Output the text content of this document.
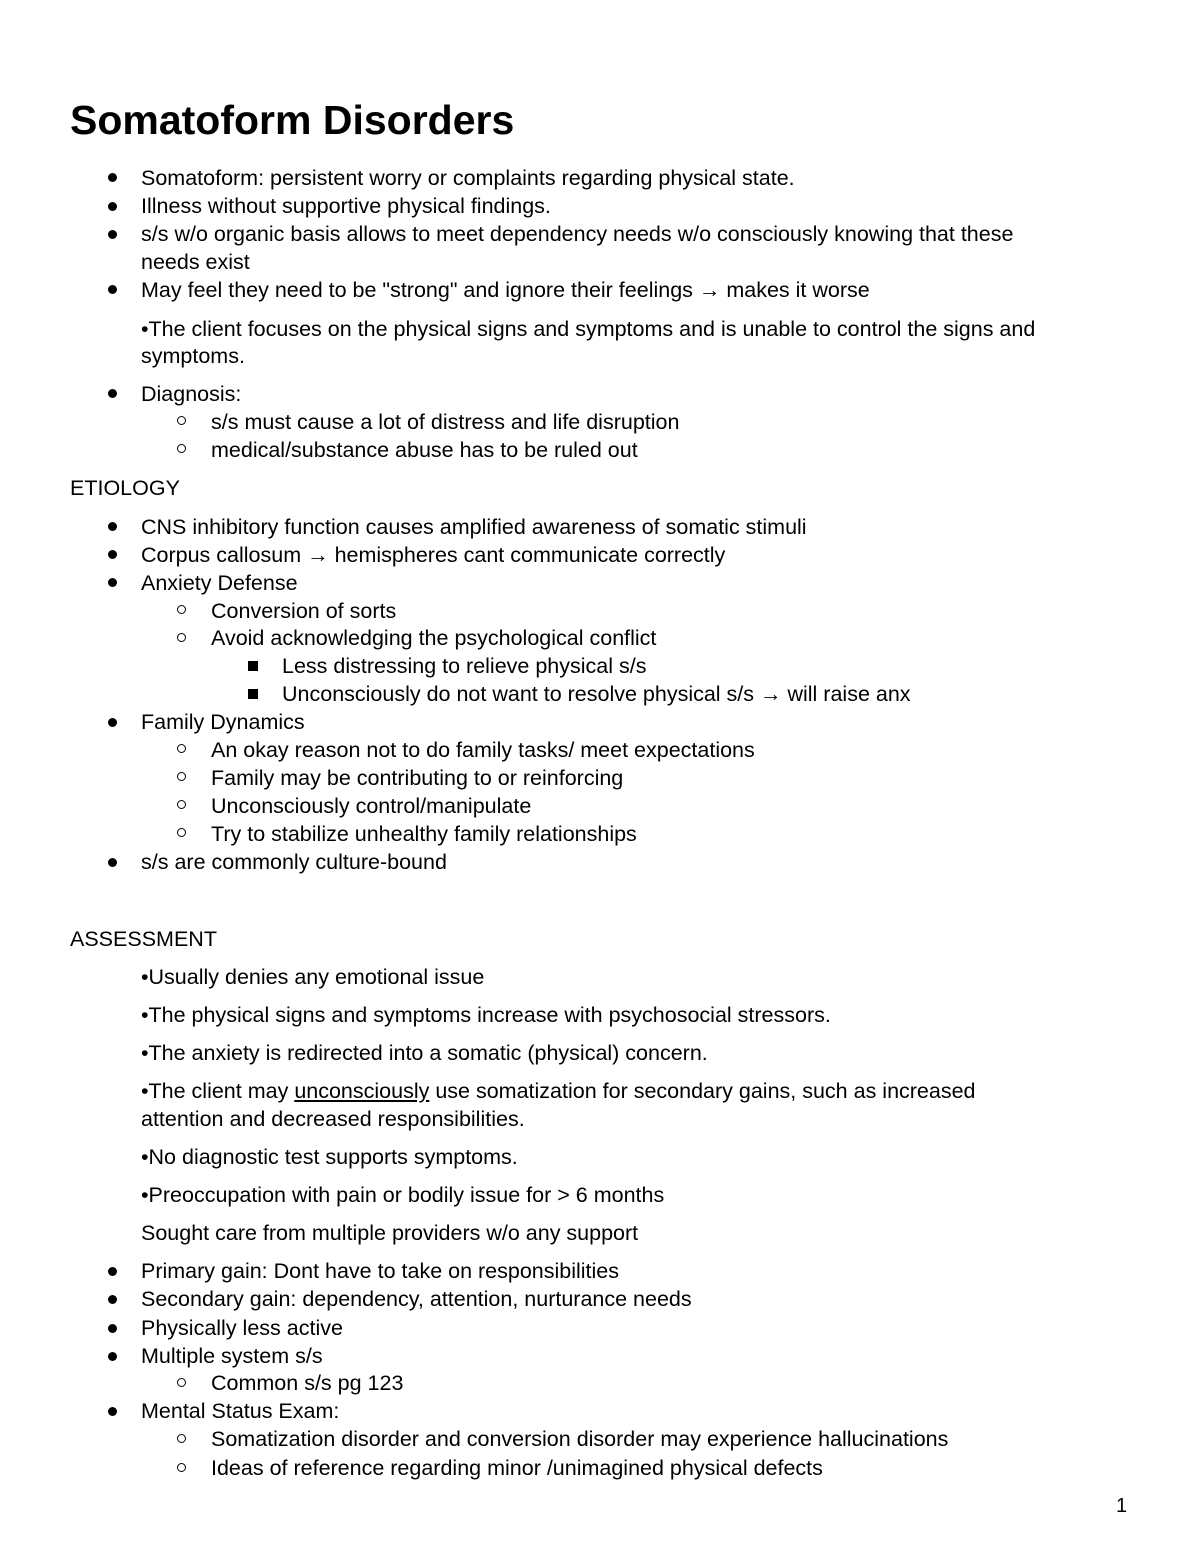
Somatoform Disorders
Somatoform: persistent worry or complaints regarding physical state.
Illness without supportive physical findings.
s/s w/o organic basis allows to meet dependency needs w/o consciously knowing that these
needs exist
May feel they need to be "strong" and ignore their feelings → makes it worse
•The client focuses on the physical signs and symptoms and is unable to control the signs and
symptoms.
Diagnosis:
s/s must cause a lot of distress and life disruption
medical/substance abuse has to be ruled out
ETIOLOGY
CNS inhibitory function causes amplified awareness of somatic stimuli
Corpus callosum → hemispheres cant communicate correctly
Anxiety Defense
Conversion of sorts
Avoid acknowledging the psychological conflict
Less distressing to relieve physical s/s
Unconsciously do not want to resolve physical s/s → will raise anx
Family Dynamics
An okay reason not to do family tasks/ meet expectations
Family may be contributing to or reinforcing
Unconsciously control/manipulate
Try to stabilize unhealthy family relationships
s/s are commonly culture-bound
ASSESSMENT
•Usually denies any emotional issue
•The physical signs and symptoms increase with psychosocial stressors.
•The anxiety is redirected into a somatic (physical) concern.
•The client may unconsciously use somatization for secondary gains, such as increased
attention and decreased responsibilities.
•No diagnostic test supports symptoms.
•Preoccupation with pain or bodily issue for > 6 months
Sought care from multiple providers w/o any support
Primary gain: Dont have to take on responsibilities
Secondary gain: dependency, attention, nurturance needs
Physically less active
Multiple system s/s
Common s/s pg 123
Mental Status Exam:
Somatization disorder and conversion disorder may experience hallucinations
Ideas of reference regarding minor /unimagined physical defects
1
